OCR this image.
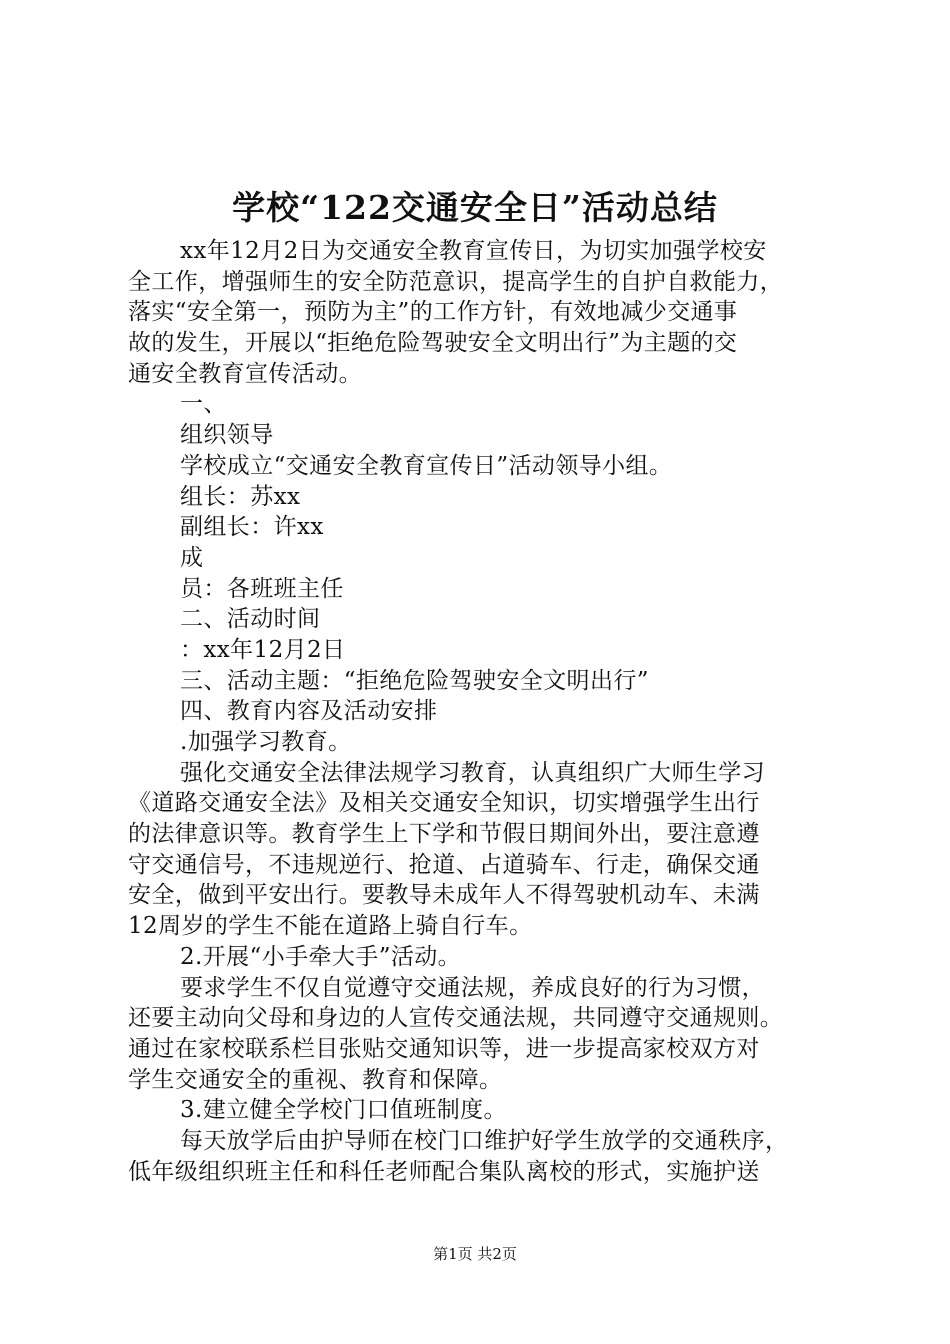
学校“122交通安全日”活动总结
xx年12月2日为交通安全教育宣传日，为切实加强学校安
全工作，增强师生的安全防范意识，提高学生的自护自救能力，
落实“安全第一，预防为主”的工作方针，有效地减少交通事
故的发生，开展以“拒绝危险驾驶安全文明出行”为主题的交
通安全教育宣传活动。
一、
组织领导
学校成立“交通安全教育宣传日”活动领导小组。
组长：苏xx
副组长：许xx
成
员：各班班主任
二、活动时间
：xx年12月2日
三、活动主题：“拒绝危险驾驶安全文明出行”
四、教育内容及活动安排
.加强学习教育。
强化交通安全法律法规学习教育，认真组织广大师生学习
《道路交通安全法》及相关交通安全知识，切实增强学生出行
的法律意识等。教育学生上下学和节假日期间外出，要注意遵
守交通信号，不违规逆行、抢道、占道骑车、行走，确保交通
安全，做到平安出行。要教导未成年人不得驾驶机动车、未满
12周岁的学生不能在道路上骑自行车。
2.开展“小手牵大手”活动。
要求学生不仅自觉遵守交通法规，养成良好的行为习惯，
还要主动向父母和身边的人宣传交通法规，共同遵守交通规则。
通过在家校联系栏目张贴交通知识等，进一步提高家校双方对
学生交通安全的重视、教育和保障。
3.建立健全学校门口值班制度。
每天放学后由护导师在校门口维护好学生放学的交通秩序，
低年级组织班主任和科任老师配合集队离校的形式，实施护送
第1页 共2页
